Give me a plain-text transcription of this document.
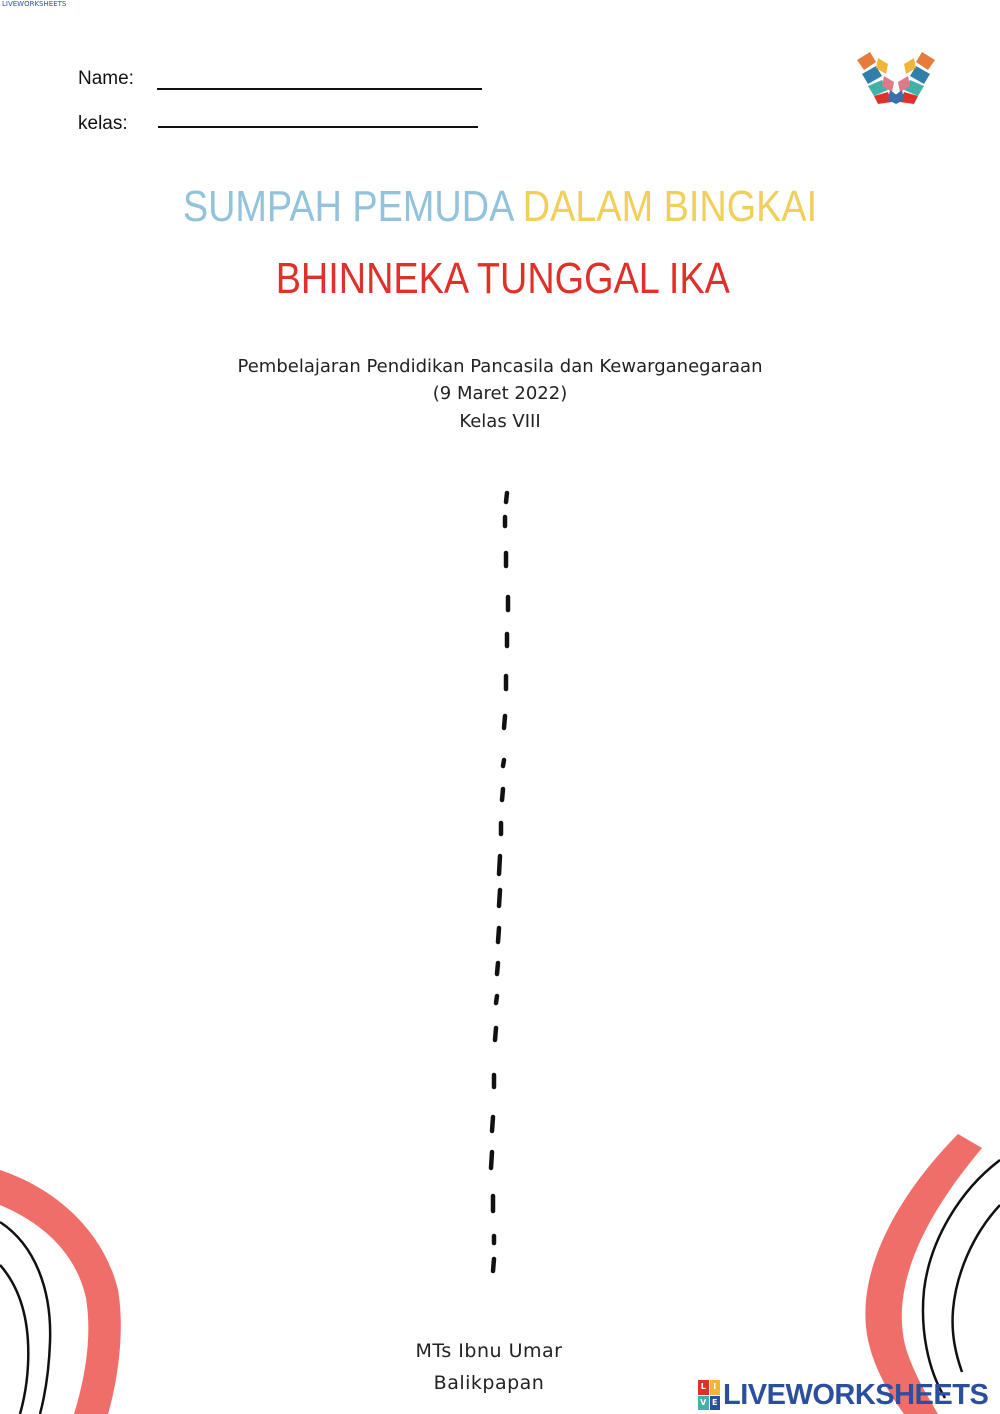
LIVEWORKSHEETS
Name:
kelas:
SUMPAH PEMUDA DALAM BINGKAI
BHINNEKA TUNGGAL IKA
Pembelajaran Pendidikan Pancasila dan Kewarganegaraan
(9 Maret 2022)
Kelas VIII
MTs Ibnu Umar
Balikpapan	L I
V E LIVEWORKSHEETS
